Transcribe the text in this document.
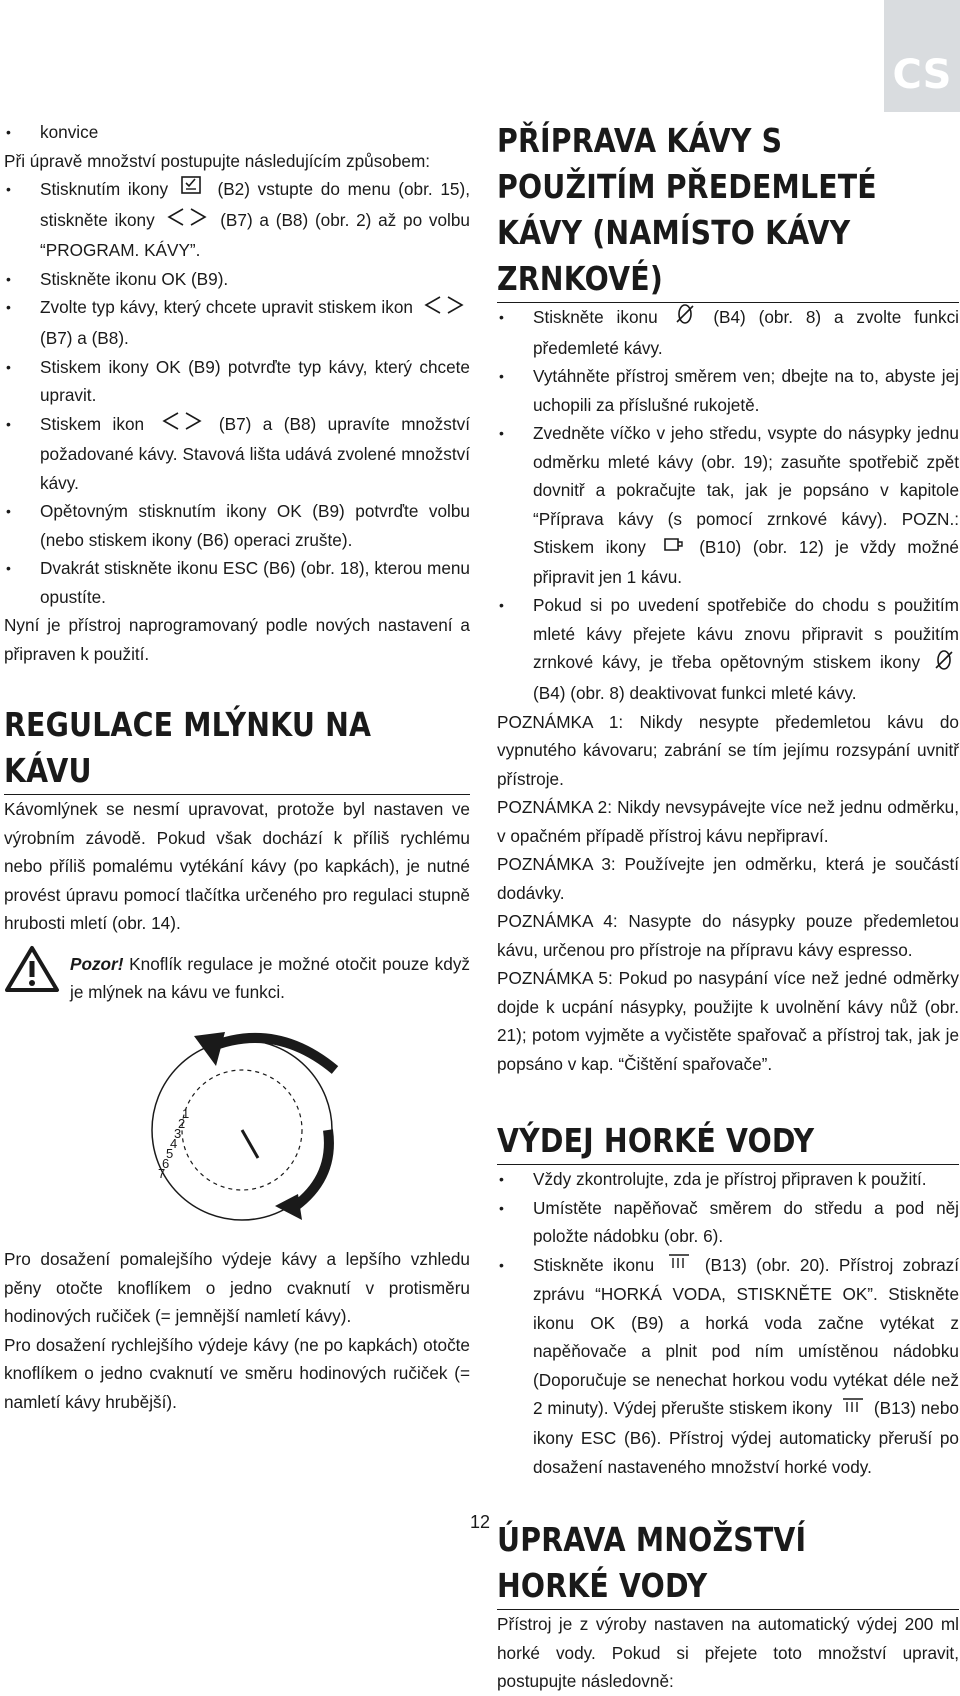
CS
• konvice

Při úpravě množství postupujte následujícím způsobem:

• Stisknutím ikony	(B2) vstupte do menu (obr. 15), stiskněte ikony	(B7) a (B8) (obr. 2) až po volbu “PROGRAM. KÁVY”.
• Stiskněte ikonu OK (B9).
• Zvolte typ kávy, který chcete upravit stiskem ikon  (B7) a (B8).
• Stiskem ikony OK (B9) potvrďte typ kávy, který chcete upravit.
• Stiskem ikon	(B7) a (B8) upravíte množství požadované kávy. Stavová lišta udává zvolené množství kávy.
• Opětovným stisknutím ikony OK (B9) potvrďte volbu (nebo stiskem ikony (B6) operaci zrušte).
• Dvakrát stiskněte ikonu ESC (B6) (obr. 18), kterou menu opustíte.

Nyní je přístroj naprogramovaný podle nových nastavení a připraven k použití.

REGULACE MLÝNKU NA KÁVU

Kávomlýnek se nesmí upravovat, protože byl nastaven ve výrobním závodě. Pokud však dochází k příliš rychlému nebo příliš pomalému vytékání kávy (po kapkách), je nutné provést úpravu pomocí tlačítka určeného pro regulaci stupně hrubosti mletí (obr. 14).

Pozor! Knoflík regulace je možné otočit pouze když je mlýnek na kávu ve funkci.
1
2
3
4
5
6
7

Pro dosažení pomalejšího výdeje kávy a lepšího vzhledu pěny otočte knoflíkem o jedno cvaknutí v protisměru hodinových ručiček (= jemnější namletí kávy).

Pro dosažení rychlejšího výdeje kávy (ne po kapkách) otočte knoflíkem o jedno cvaknutí ve směru hodinových ručiček (= namletí kávy hrubější).

PŘÍPRAVA KÁVY S POUŽITÍM PŘEDEMLETÉ KÁVY (NAMÍSTO KÁVY ZRNKOVÉ)
• Stiskněte ikonu	(B4) (obr. 8) a zvolte funkci předemleté kávy.
• Vytáhněte přístroj směrem ven; dbejte na to, abyste jej uchopili za příslušné rukojetě.
• Zvedněte víčko v jeho středu, vsypte do násypky jednu odměrku mleté kávy (obr. 19); zasuňte spotřebič zpět dovnitř a pokračujte tak, jak je popsáno v kapitole “Příprava kávy (s pomocí zrnkové kávy). POZN.: Stiskem ikony	(B10) (obr. 12) je vždy možné připravit jen 1 kávu.
• Pokud si po uvedení spotřebiče do chodu s použitím mleté kávy přejete kávu znovu připravit s použitím zrnkové kávy, je třeba opětovným stiskem ikony  (B4) (obr. 8) deaktivovat funkci mleté kávy.

POZNÁMKA 1: Nikdy nesypte předemletou kávu do vypnutého kávovaru; zabrání se tím jejímu rozsypání uvnitř přístroje.

POZNÁMKA 2: Nikdy nevsypávejte více než jednu odměrku, v opačném případě přístroj kávu nepřipraví.

POZNÁMKA 3: Používejte jen odměrku, která je součástí dodávky.

POZNÁMKA 4: Nasypte do násypky pouze předemletou kávu, určenou pro přístroje na přípravu kávy espresso.

POZNÁMKA 5: Pokud po nasypání více než jedné odměrky dojde k ucpání násypky, použijte k uvolnění kávy nůž (obr. 21); potom vyjměte a vyčistěte spařovač a přístroj tak, jak je popsáno v kap. “Čištění spařovače”.

VÝDEJ HORKÉ VODY
• Vždy zkontrolujte, zda je přístroj připraven k použití.
• Umístěte napěňovač směrem do středu a pod něj položte nádobku (obr. 6).
• Stiskněte ikonu	(B13) (obr. 20). Přístroj zobrazí zprávu “HORKÁ VODA, STISKNĚTE OK”. Stiskněte ikonu OK (B9) a horká voda začne vytékat z napěňovače a plnit pod ním umístěnou nádobku (Doporučuje se nenechat horkou vodu vytékat déle než 2 minuty). Výdej přerušte stiskem ikony (B13) nebo ikony ESC (B6). Přístroj výdej automaticky přeruší po dosažení nastaveného množství horké vody.
ÚPRAVA MNOŽSTVÍ HORKÉ VODY

Přístroj je z výroby nastaven na automatický výdej 200 ml horké vody. Pokud si přejete toto množství upravit, postupujte následovně:

12
